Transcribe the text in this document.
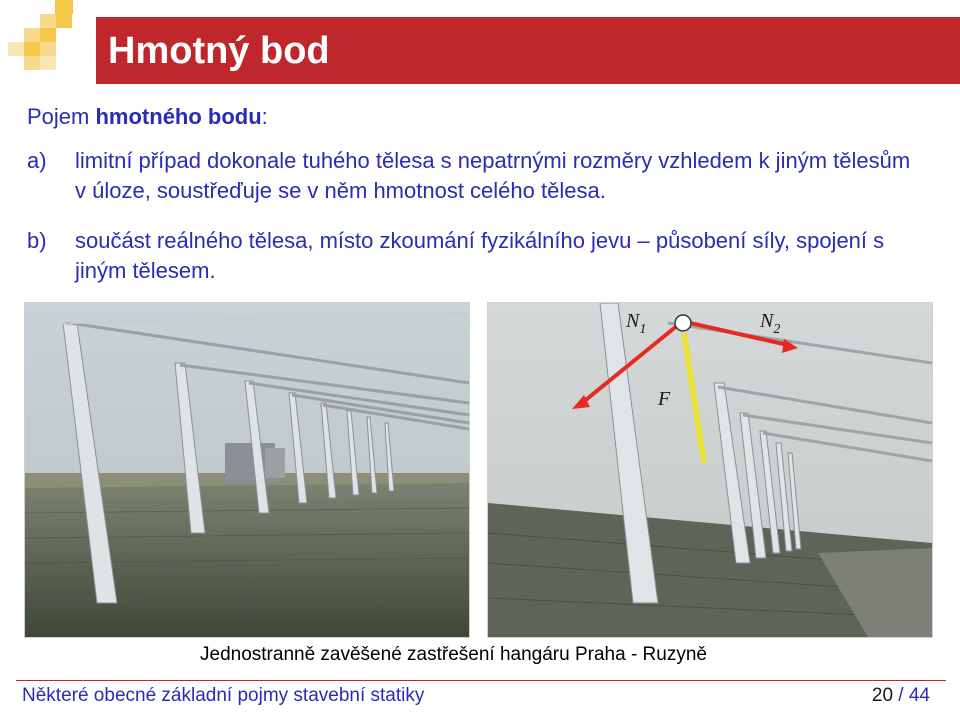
Hmotný bod
Pojem hmotného bodu:
a) limitní případ dokonale tuhého tělesa s nepatrnými rozměry vzhledem k jiným tělesům v úloze, soustřeďuje se v něm hmotnost celého tělesa.
b) součást reálného tělesa, místo zkoumání fyzikálního jevu – působení síly, spojení s jiným tělesem.
$N_1$	$N_2$
F
Jednostranně zavěšené zastřešení hangáru Praha - Ruzyně
Některé obecné základní pojmy stavební statiky	20 / 44
